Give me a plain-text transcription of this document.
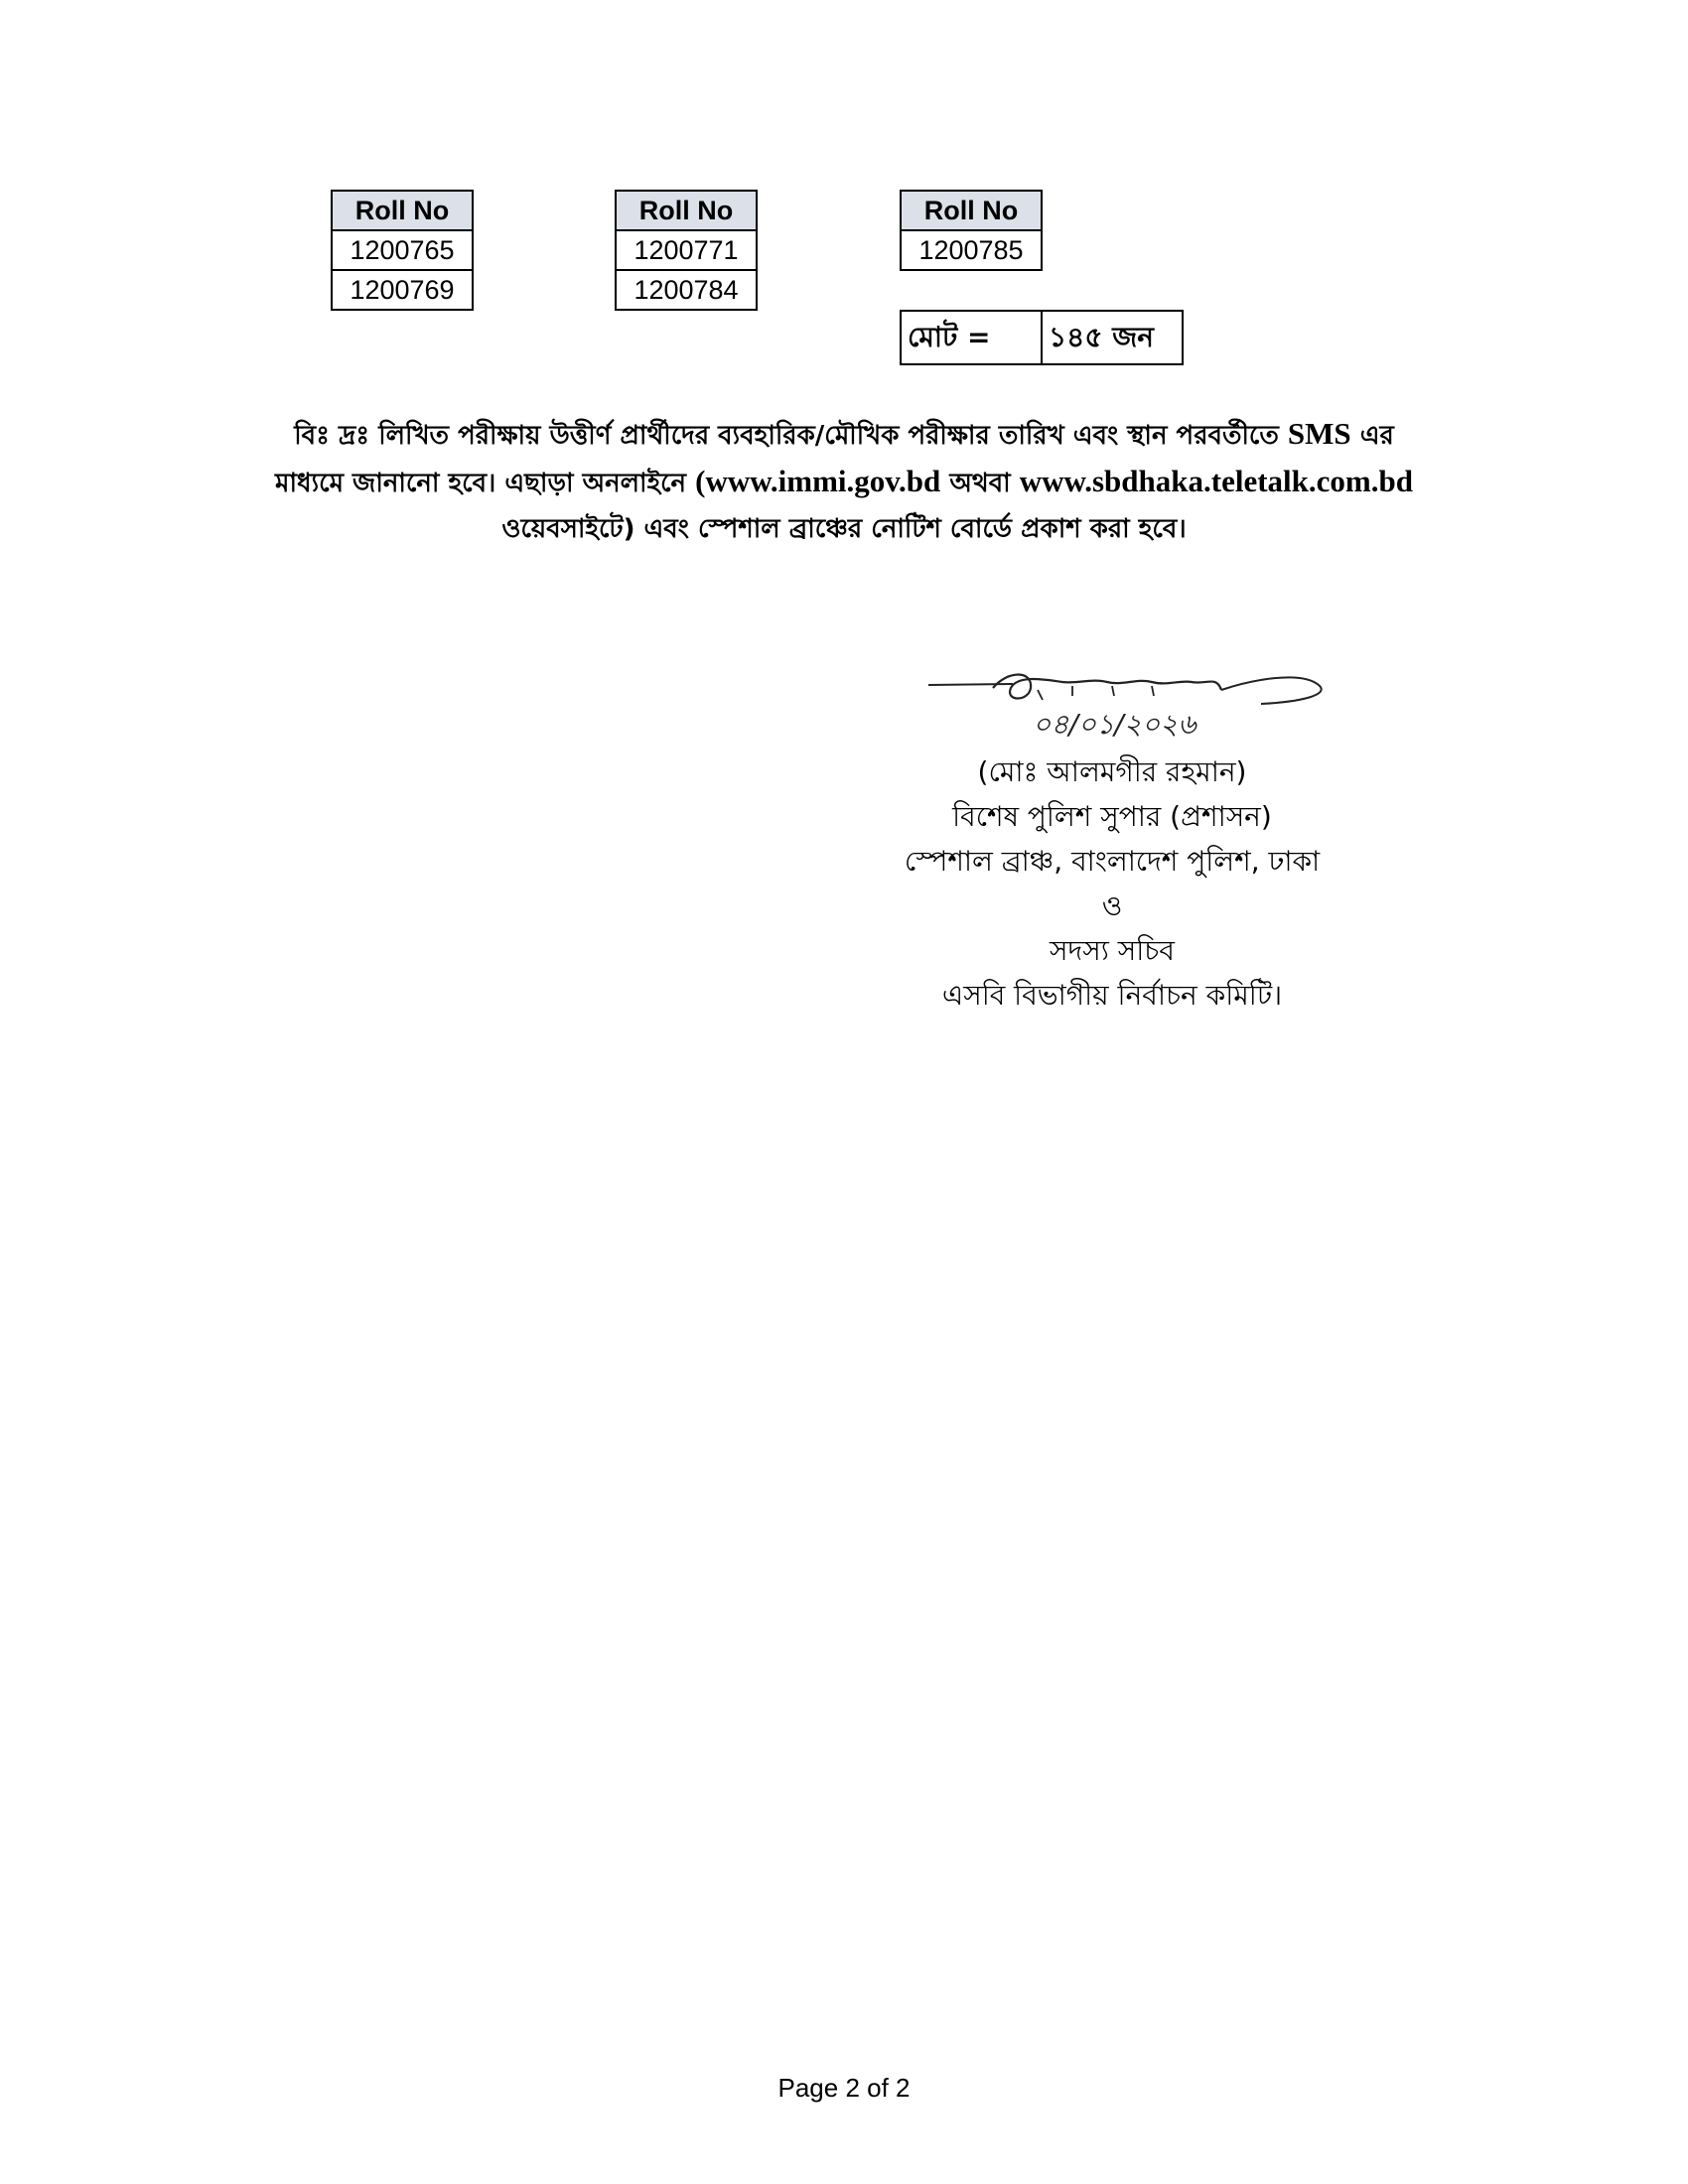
Roll No
1200765
1200769
Roll No
1200771
1200784
Roll No
1200785
মোট =	১৪৫ জন
বিঃ দ্রঃ লিখিত পরীক্ষায় উত্তীর্ণ প্রার্থীদের ব্যবহারিক/মৌখিক পরীক্ষার তারিখ এবং স্থান পরবর্তীতে SMS এর
মাধ্যমে জানানো হবে। এছাড়া অনলাইনে (www.immi.gov.bd অথবা www.sbdhaka.teletalk.com.bd
ওয়েবসাইটে) এবং স্পেশাল ব্রাঞ্চের নোটিশ বোর্ডে প্রকাশ করা হবে।
০৪/০১/২০২৬
(মোঃ আলমগীর রহমান)
বিশেষ পুলিশ সুপার (প্রশাসন)
স্পেশাল ব্রাঞ্চ, বাংলাদেশ পুলিশ, ঢাকা
ও
সদস্য সচিব
এসবি বিভাগীয় নির্বাচন কমিটি।
Page 2 of 2
